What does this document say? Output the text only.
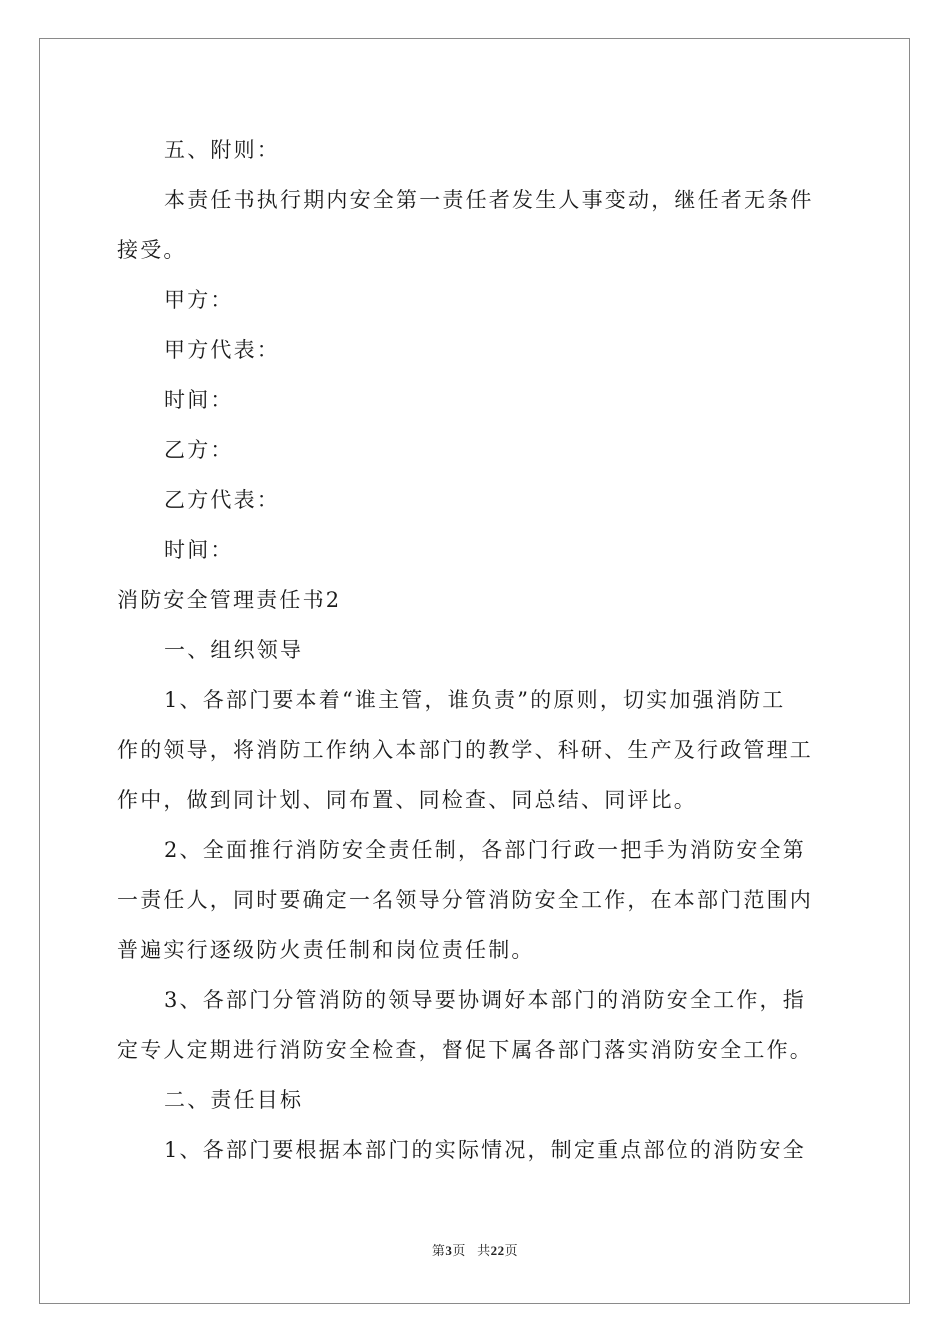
五、附则：
本责任书执行期内安全第一责任者发生人事变动，继任者无条件
接受。
甲方：
甲方代表：
时间：
乙方：
乙方代表：
时间：
消防安全管理责任书2
一、组织领导
1、各部门要本着“谁主管，谁负责”的原则，切实加强消防工
作的领导，将消防工作纳入本部门的教学、科研、生产及行政管理工
作中，做到同计划、同布置、同检查、同总结、同评比。
2、全面推行消防安全责任制，各部门行政一把手为消防安全第
一责任人，同时要确定一名领导分管消防安全工作，在本部门范围内
普遍实行逐级防火责任制和岗位责任制。
3、各部门分管消防的领导要协调好本部门的消防安全工作，指
定专人定期进行消防安全检查，督促下属各部门落实消防安全工作。
二、责任目标
1、各部门要根据本部门的实际情况，制定重点部位的消防安全
第3页 共22页
